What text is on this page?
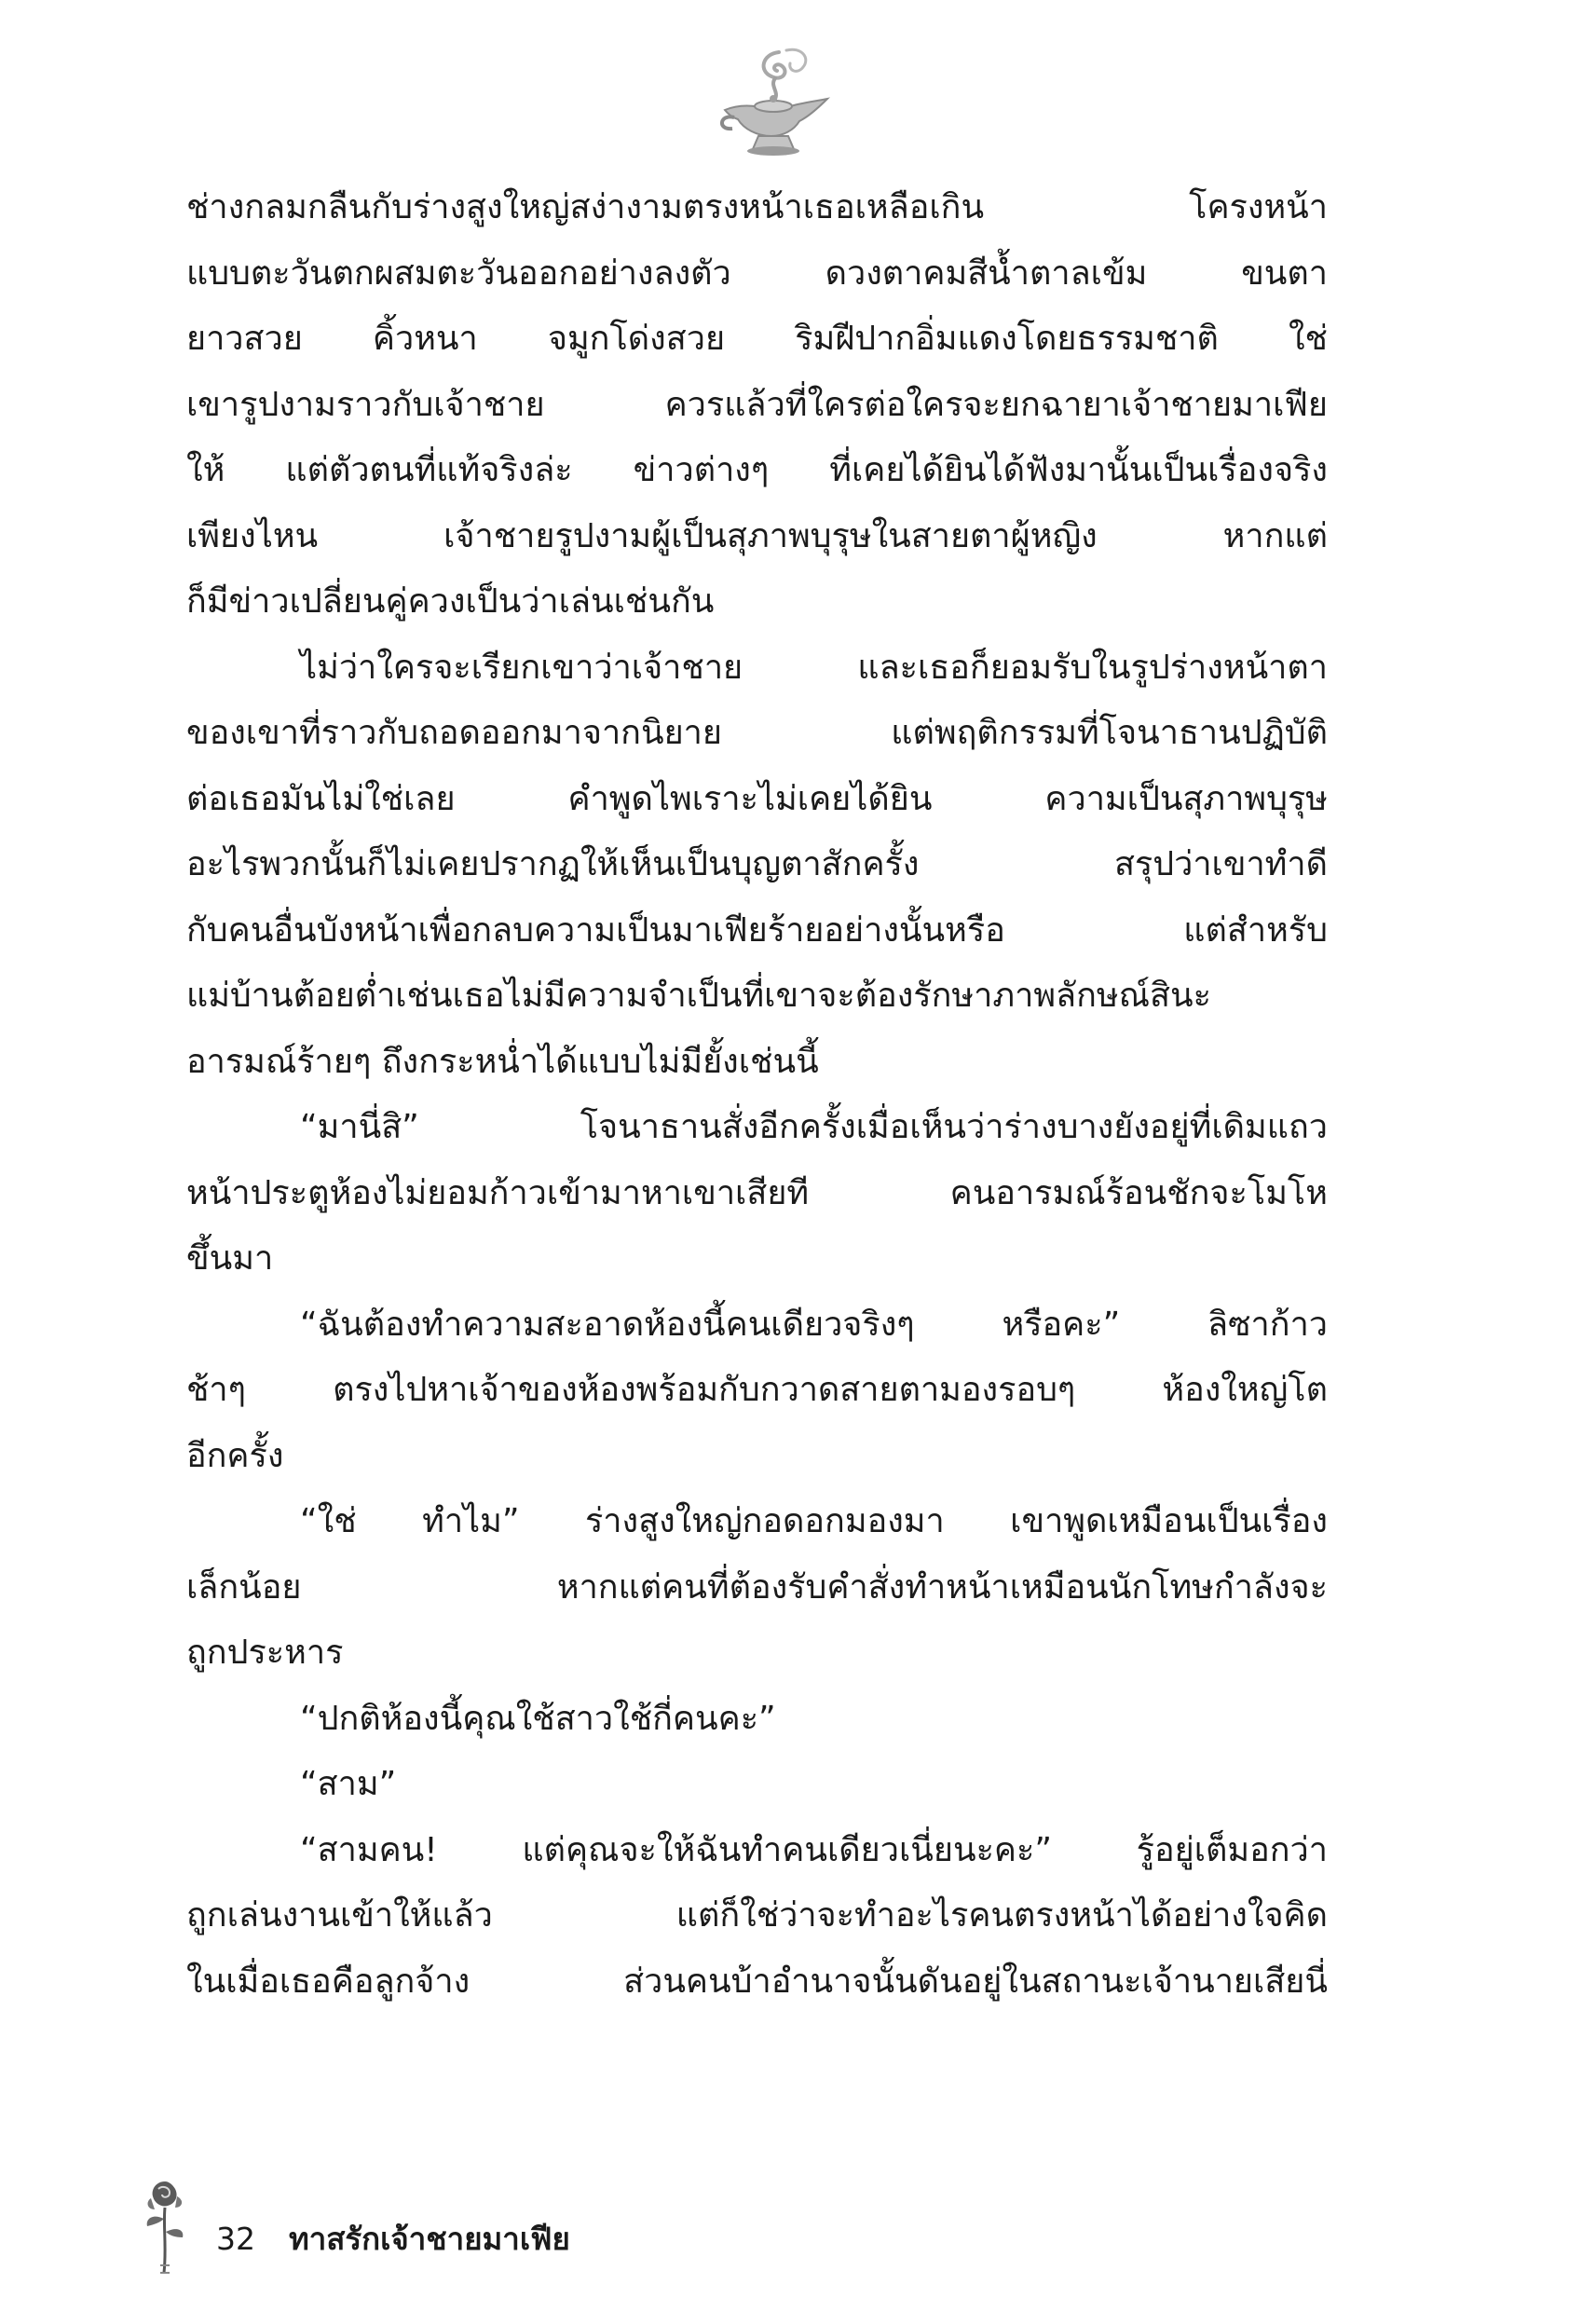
ช่างกลมกลืนกับร่างสูงใหญ่สง่างามตรงหน้าเธอเหลือเกิน โครงหน้า
แบบตะวันตกผสมตะวันออกอย่างลงตัว ดวงตาคมสีน้ำตาลเข้ม ขนตา
ยาวสวย คิ้วหนา จมูกโด่งสวย ริมฝีปากอิ่มแดงโดยธรรมชาติ ใช่
เขารูปงามราวกับเจ้าชาย ควรแล้วที่ใครต่อใครจะยกฉายาเจ้าชายมาเฟีย
ให้ แต่ตัวตนที่แท้จริงล่ะ ข่าวต่างๆ ที่เคยได้ยินได้ฟังมานั้นเป็นเรื่องจริง
เพียงไหน เจ้าชายรูปงามผู้เป็นสุภาพบุรุษในสายตาผู้หญิง หากแต่
ก็มีข่าวเปลี่ยนคู่ควงเป็นว่าเล่นเช่นกัน
ไม่ว่าใครจะเรียกเขาว่าเจ้าชาย และเธอก็ยอมรับในรูปร่างหน้าตา
ของเขาที่ราวกับถอดออกมาจากนิยาย แต่พฤติกรรมที่โจนาธานปฏิบัติ
ต่อเธอมันไม่ใช่เลย คำพูดไพเราะไม่เคยได้ยิน ความเป็นสุภาพบุรุษ
อะไรพวกนั้นก็ไม่เคยปรากฏให้เห็นเป็นบุญตาสักครั้ง สรุปว่าเขาทำดี
กับคนอื่นบังหน้าเพื่อกลบความเป็นมาเฟียร้ายอย่างนั้นหรือ แต่สำหรับ
แม่บ้านต้อยต่ำเช่นเธอไม่มีความจำเป็นที่เขาจะต้องรักษาภาพลักษณ์สินะ
อารมณ์ร้ายๆ ถึงกระหน่ำได้แบบไม่มียั้งเช่นนี้
“มานี่สิ” โจนาธานสั่งอีกครั้งเมื่อเห็นว่าร่างบางยังอยู่ที่เดิมแถว
หน้าประตูห้องไม่ยอมก้าวเข้ามาหาเขาเสียที คนอารมณ์ร้อนชักจะโมโห
ขึ้นมา
“ฉันต้องทำความสะอาดห้องนี้คนเดียวจริงๆ หรือคะ” ลิซาก้าว
ช้าๆ ตรงไปหาเจ้าของห้องพร้อมกับกวาดสายตามองรอบๆ ห้องใหญ่โต
อีกครั้ง
“ใช่ ทำไม” ร่างสูงใหญ่กอดอกมองมา เขาพูดเหมือนเป็นเรื่อง
เล็กน้อย หากแต่คนที่ต้องรับคำสั่งทำหน้าเหมือนนักโทษกำลังจะ
ถูกประหาร
“ปกติห้องนี้คุณใช้สาวใช้กี่คนคะ”
“สาม”
“สามคน! แต่คุณจะให้ฉันทำคนเดียวเนี่ยนะคะ” รู้อยู่เต็มอกว่า
ถูกเล่นงานเข้าให้แล้ว แต่ก็ใช่ว่าจะทำอะไรคนตรงหน้าได้อย่างใจคิด
ในเมื่อเธอคือลูกจ้าง ส่วนคนบ้าอำนาจนั้นดันอยู่ในสถานะเจ้านายเสียนี่
32 ทาสรักเจ้าชายมาเฟีย
